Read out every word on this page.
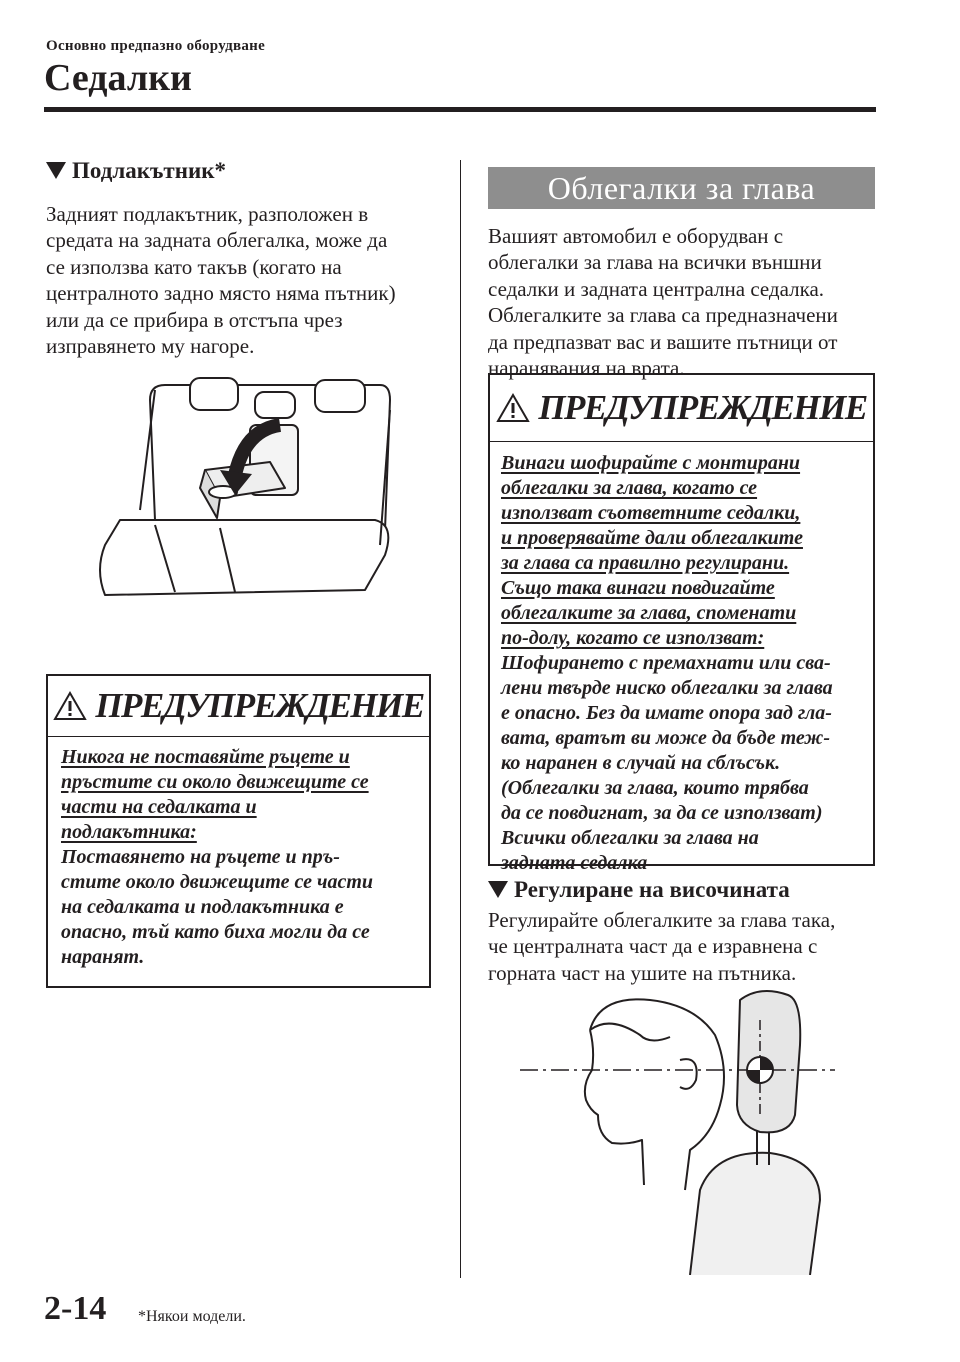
Основно предпазно оборудване
Седалки
Подлакътник*
Задният подлакътник, разположен в
средата на задната облегалка, може да
се използва като такъв (когато на
централното задно място няма пътник)
или да се прибира в отстъпа чрез
изправянето му нагоре.
ПРЕДУПРЕЖДЕНИЕ
Никога не поставяйте ръцете и
пръстите си около движещите се
части на седалката и
подлакътника:
Поставянето на ръцете и пръ-
стите около движещите се части
на седалката и подлакътника е
опасно, тъй като биха могли да се
наранят.
Облегалки за глава
Вашият автомобил е оборудван с
облегалки за глава на всички външни
седалки и задната централна седалка.
Облегалките за глава са предназначени
да предпазват вас и вашите пътници от
наранявания на врата.
ПРЕДУПРЕЖДЕНИЕ
Винаги шофирайте с монтирани
облегалки за глава, когато се
използват съответните седалки,
и проверявайте дали облегалките
за глава са правилно регулирани.
Също така винаги повдигайте
облегалките за глава, споменати
по-долу, когато се използват:
Шофирането с премахнати или сва-
лени твърде ниско облегалки за глава
е опасно. Без да имате опора зад гла-
вата, вратът ви може да бъде теж-
ко наранен в случай на сблъсък.
(Облегалки за глава, които трябва
да се повдигнат, за да се използват)
Всички облегалки за глава на
задната седалка
Регулиране на височината
Регулирайте облегалките за глава така,
че централната част да е изравнена с
горната част на ушите на пътника.
2-14 *Някои модели.
